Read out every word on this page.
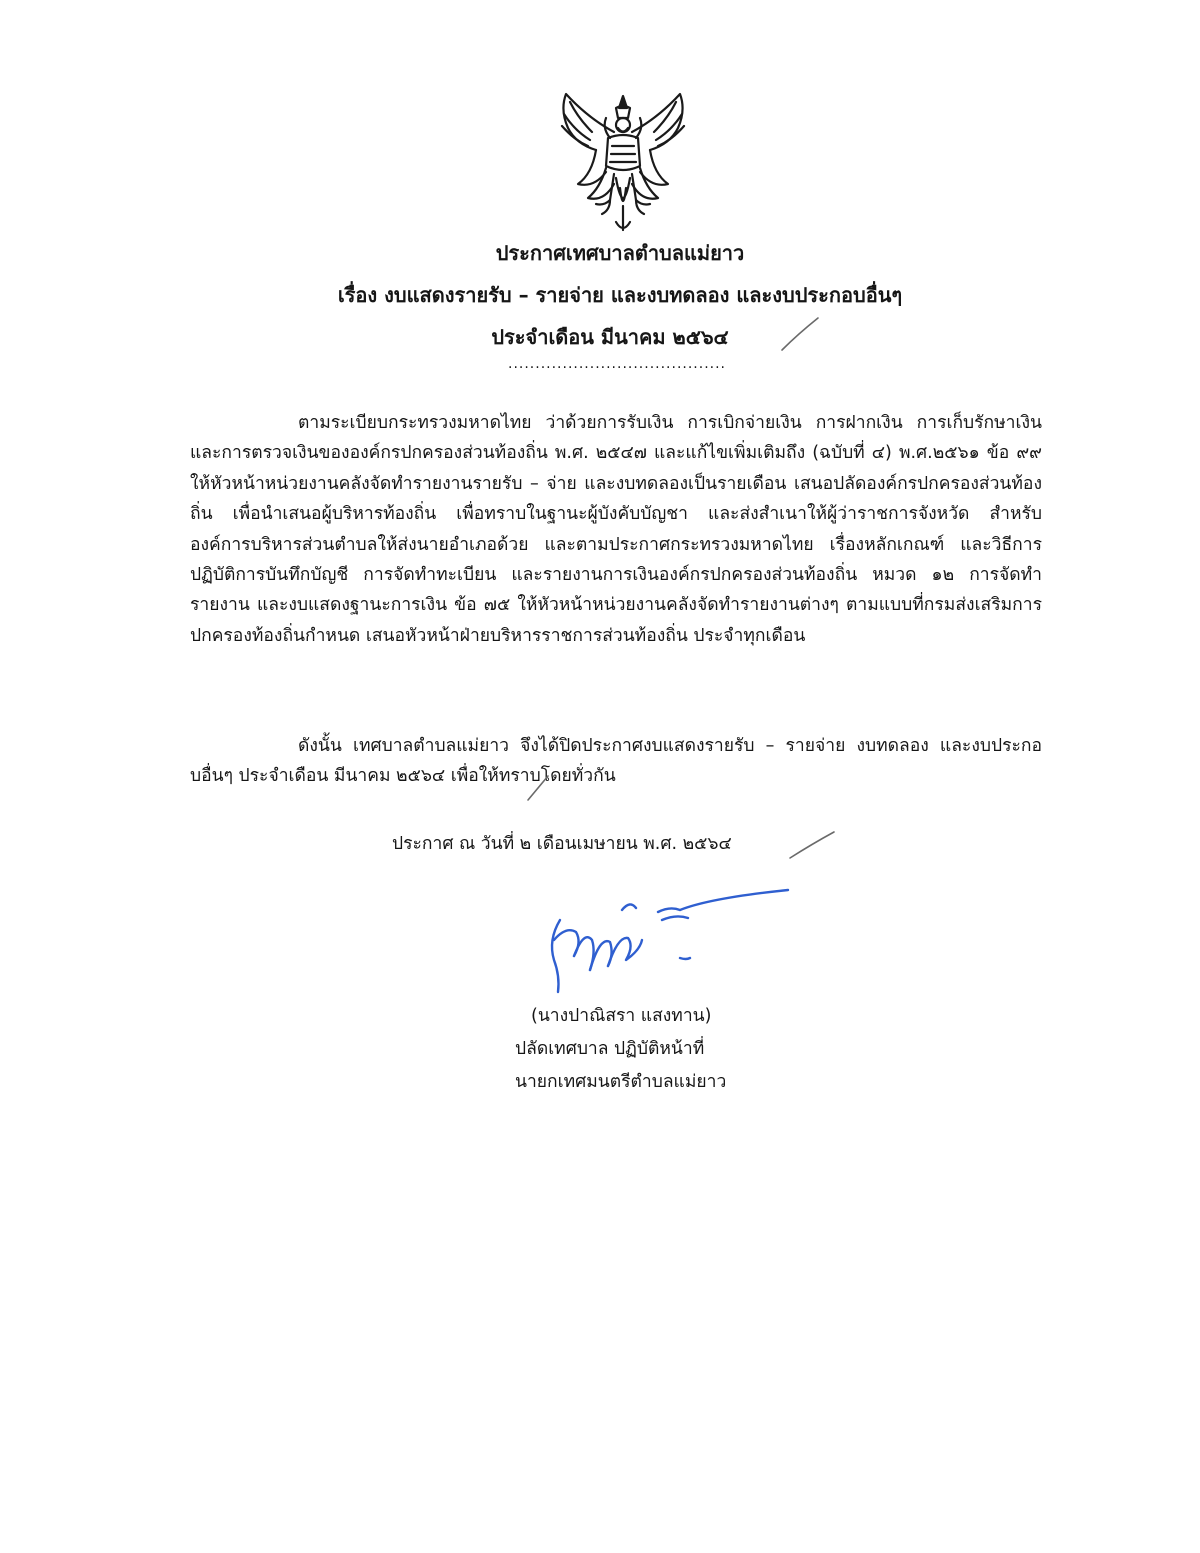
ประกาศเทศบาลตำบลแม่ยาว
เรื่อง งบแสดงรายรับ – รายจ่าย และงบทดลอง และงบประกอบอื่นๆ
ประจำเดือน มีนาคม ๒๕๖๔
........................................

ตามระเบียบกระทรวงมหาดไทย ว่าด้วยการรับเงิน การเบิกจ่ายเงิน การฝากเงิน การเก็บรักษาเงิน และการตรวจเงินขององค์กรปกครองส่วนท้องถิ่น พ.ศ. ๒๕๔๗ และแก้ไขเพิ่มเติมถึง (ฉบับที่ ๔) พ.ศ.๒๕๖๑ ข้อ ๙๙ ให้หัวหน้าหน่วยงานคลังจัดทำรายงานรายรับ – จ่าย และงบทดลองเป็นรายเดือน เสนอปลัดองค์กรปกครองส่วนท้องถิ่น เพื่อนำเสนอผู้บริหารท้องถิ่น เพื่อทราบในฐานะผู้บังคับบัญชา และส่งสำเนาให้ผู้ว่าราชการจังหวัด สำหรับองค์การบริหารส่วนตำบลให้ส่งนายอำเภอด้วย และตามประกาศกระทรวงมหาดไทย เรื่องหลักเกณฑ์ และวิธีการปฏิบัติการบันทึกบัญชี การจัดทำทะเบียน และรายงานการเงินองค์กรปกครองส่วนท้องถิ่น หมวด ๑๒ การจัดทำรายงาน และงบแสดงฐานะการเงิน ข้อ ๗๕ ให้หัวหน้าหน่วยงานคลังจัดทำรายงานต่างๆ ตามแบบที่กรมส่งเสริมการปกครองท้องถิ่นกำหนด เสนอหัวหน้าฝ่ายบริหารราชการส่วนท้องถิ่น ประจำทุกเดือน

ดังนั้น เทศบาลตำบลแม่ยาว จึงได้ปิดประกาศงบแสดงรายรับ – รายจ่าย งบทดลอง และงบประกอบอื่นๆ ประจำเดือน มีนาคม ๒๕๖๔ เพื่อให้ทราบโดยทั่วกัน

ประกาศ ณ วันที่ ๒ เดือนเมษายน พ.ศ. ๒๕๖๔
(นางปาณิสรา แสงทาน)
ปลัดเทศบาล ปฏิบัติหน้าที่
นายกเทศมนตรีตำบลแม่ยาว
